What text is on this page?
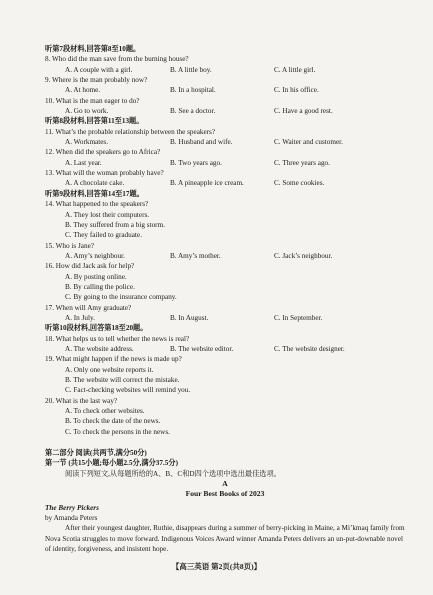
听第7段材料,回答第8至10题。
8. Who did the man save from the burning house?
A. A couple with a girl.	B. A little boy.	C. A little girl.
9. Where is the man probably now?
A. At home.	B. In a hospital.	C. In his office.
10. What is the man eager to do?
A. Go to work.	B. See a doctor.	C. Have a good rest.
听第8段材料,回答第11至13题。
11. What’s the probable relationship between the speakers?
A. Workmates.	B. Husband and wife.	C. Waiter and customer.
12. When did the speakers go to Africa?
A. Last year.	B. Two years ago.	C. Three years ago.
13. What will the woman probably have?
A. A chocolate cake.	B. A pineapple ice cream.	C. Some cookies.
听第9段材料,回答第14至17题。
14. What happened to the speakers?
A. They lost their computers.
B. They suffered from a big storm.
C. They failed to graduate.
15. Who is Jane?
A. Amy’s neighbour.	B. Amy’s mother.	C. Jack’s neighbour.
16. How did Jack ask for help?
A. By posting online.
B. By calling the police.
C. By going to the insurance company.
17. When will Amy graduate?
A. In July.	B. In August.	C. In September.
听第10段材料,回答第18至20题。
18. What helps us to tell whether the news is real?
A. The website address.	B. The website editor.	C. The website designer.
19. What might happen if the news is made up?
A. Only one website reports it.
B. The website will correct the mistake.
C. Fact-checking websites will remind you.
20. What is the last way?
A. To check other websites.
B. To check the date of the news.
C. To check the persons in the news.
第二部分 阅读(共两节,满分50分)
第一节 (共15小题;每小题2.5分,满分37.5分)
阅读下列短文,从每题所给的A、B、C和D四个选项中选出最佳选项。
A
Four Best Books of 2023
The Berry Pickers
by Amanda Peters
After their youngest daughter, Ruthie, disappears during a summer of berry-picking in Maine, a Mi’kmaq family from Nova Scotia struggles to move forward. Indigenous Voices Award winner Amanda Peters delivers an un-put-downable novel of identity, forgiveness, and insistent hope.
【高三英语 第2页(共8页)】
